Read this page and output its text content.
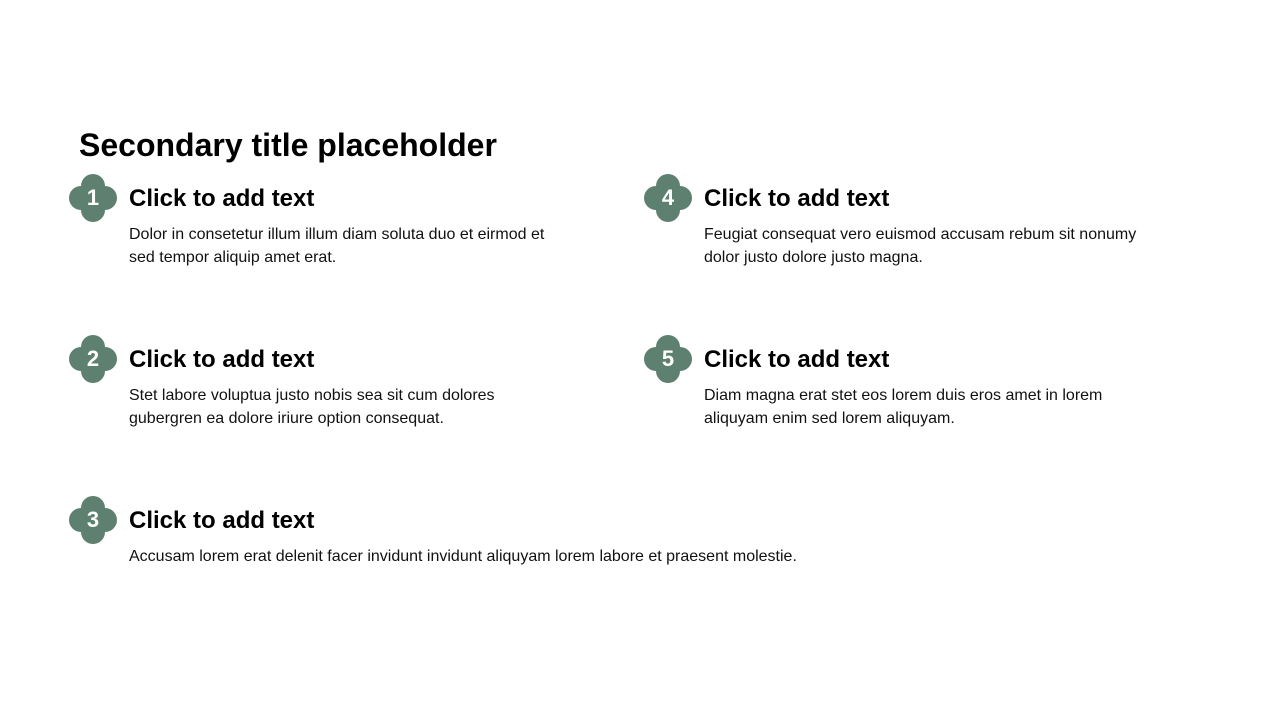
Secondary title placeholder
1	Click to add text

Dolor in consetetur illum illum diam soluta duo et eirmod et sed tempor aliquip amet erat.

2	Click to add text

Stet labore voluptua justo nobis sea sit cum dolores gubergren ea dolore iriure option consequat.

3	Click to add text

Accusam lorem erat delenit facer invidunt invidunt aliquyam lorem labore et praesent molestie.

4	Click to add text

Feugiat consequat vero euismod accusam rebum sit nonumy dolor justo dolore justo magna.

5	Click to add text

Diam magna erat stet eos lorem duis eros amet in lorem aliquyam enim sed lorem aliquyam.
